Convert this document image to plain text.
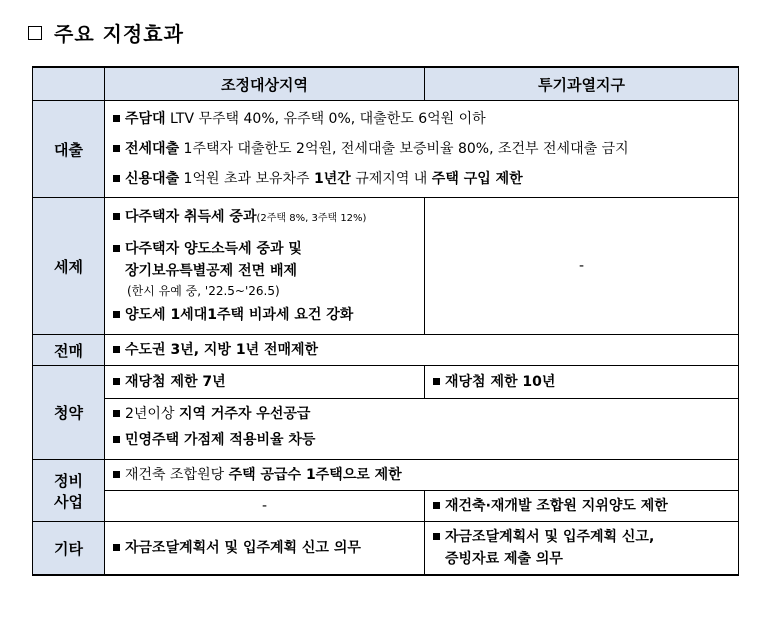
주요 지정효과
	조정대상지역	투기과열지구
대출	주담대 LTV 무주택 40%, 유주택 0%, 대출한도 6억원 이하
전세대출 1주택자 대출한도 2억원, 전세대출 보증비율 80%, 조건부 전세대출 금지
신용대출 1억원 초과 보유차주 1년간 규제지역 내 주택 구입 제한	

세제	다주택자 취득세 중과(2주택 8%, 3주택 12%)
다주택자 양도소득세 중과 및
장기보유특별공제 전면 배제
(한시 유예 중, '22.5~'26.5)
양도세 1세대1주택 비과세 요건 강화	-
전매	수도권 3년, 지방 1년 전매제한	

청약	재당첨 제한 7년	재당첨 제한 10년

	2년이상 지역 거주자 우선공급
민영주택 가점제 적용비율 차등	

정비
사업	재건축 조합원당 주택 공급수 1주택으로 제한	

	-	재건축·재개발 조합원 지위양도 제한

기타	자금조달계획서 및 입주계획 신고 의무	자금조달계획서 및 입주계획 신고,
증빙자료 제출 의무
